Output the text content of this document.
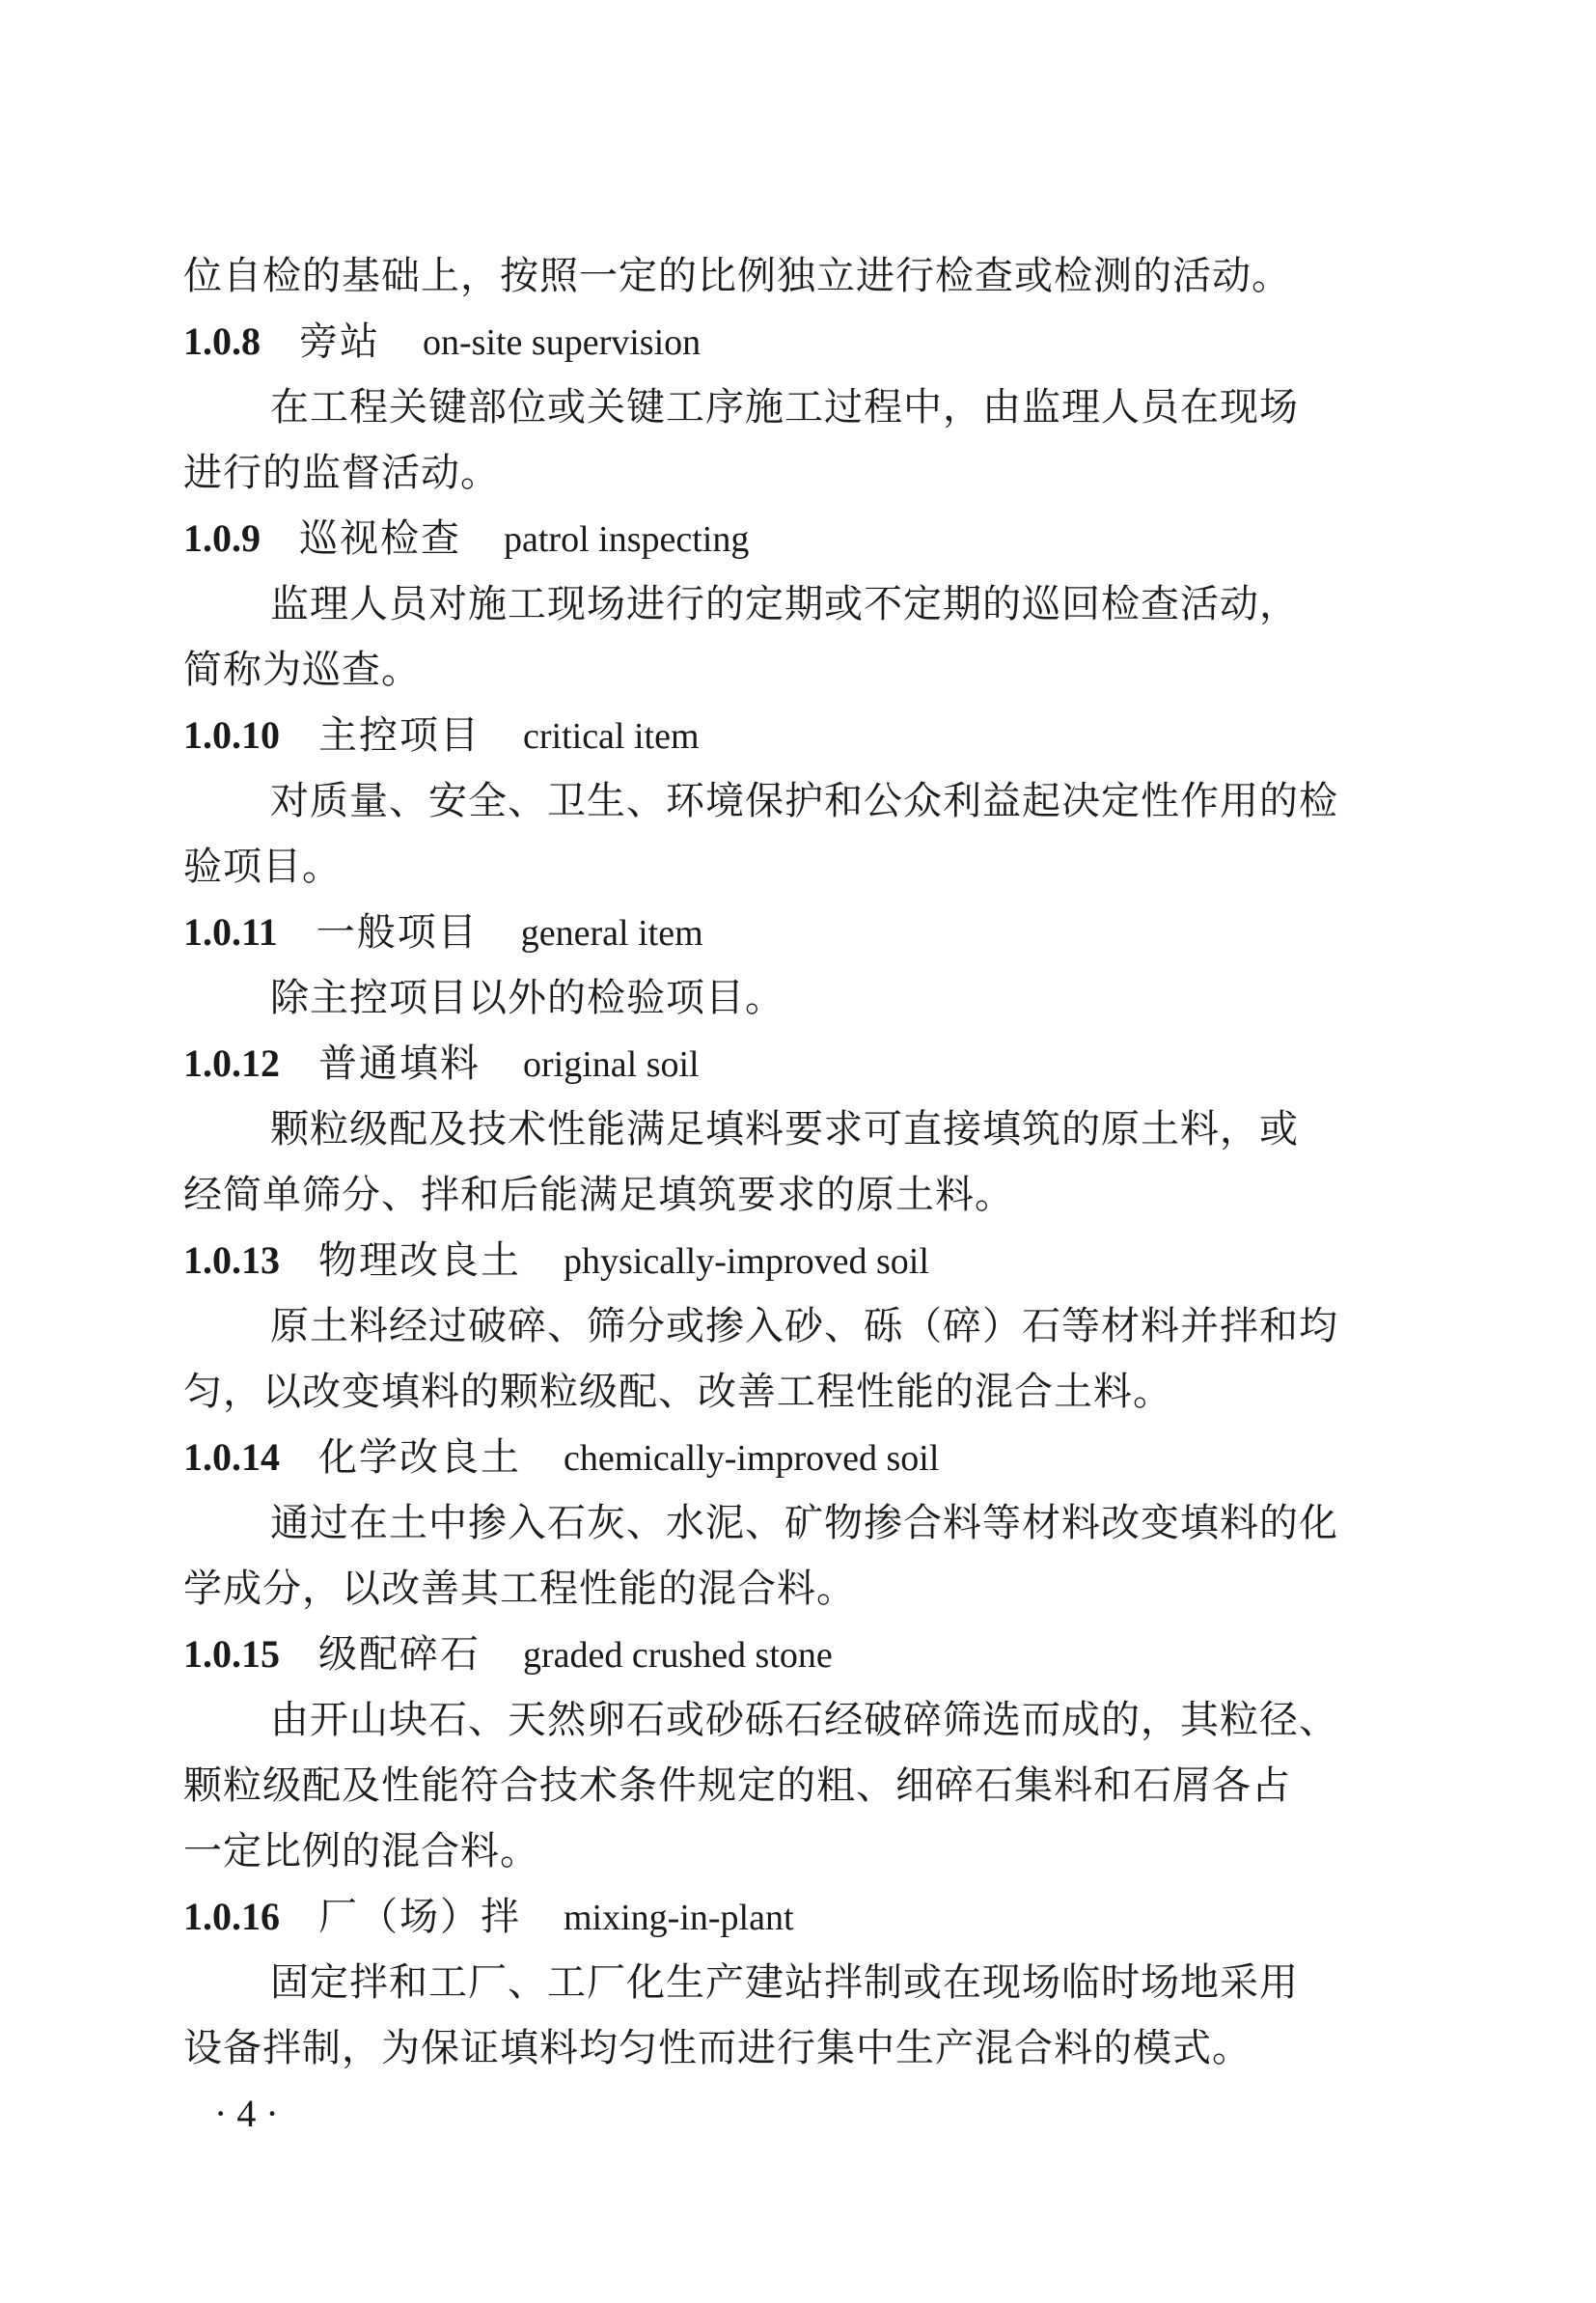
位自检的基础上，按照一定的比例独立进行检查或检测的活动。
1.0.8 旁站 on-site supervision
在工程关键部位或关键工序施工过程中，由监理人员在现场
进行的监督活动。
1.0.9 巡视检查 patrol inspecting
监理人员对施工现场进行的定期或不定期的巡回检查活动，
简称为巡查。
1.0.10 主控项目 critical item
对质量、安全、卫生、环境保护和公众利益起决定性作用的检
验项目。
1.0.11 一般项目 general item
除主控项目以外的检验项目。
1.0.12 普通填料 original soil
颗粒级配及技术性能满足填料要求可直接填筑的原土料，或
经简单筛分、拌和后能满足填筑要求的原土料。
1.0.13 物理改良土 physically-improved soil
原土料经过破碎、筛分或掺入砂、砾（碎）石等材料并拌和均
匀，以改变填料的颗粒级配、改善工程性能的混合土料。
1.0.14 化学改良土 chemically-improved soil
通过在土中掺入石灰、水泥、矿物掺合料等材料改变填料的化
学成分，以改善其工程性能的混合料。
1.0.15 级配碎石 graded crushed stone
由开山块石、天然卵石或砂砾石经破碎筛选而成的，其粒径、
颗粒级配及性能符合技术条件规定的粗、细碎石集料和石屑各占
一定比例的混合料。
1.0.16 厂（场）拌 mixing-in-plant
固定拌和工厂、工厂化生产建站拌制或在现场临时场地采用
设备拌制，为保证填料均匀性而进行集中生产混合料的模式。
· 4 ·
